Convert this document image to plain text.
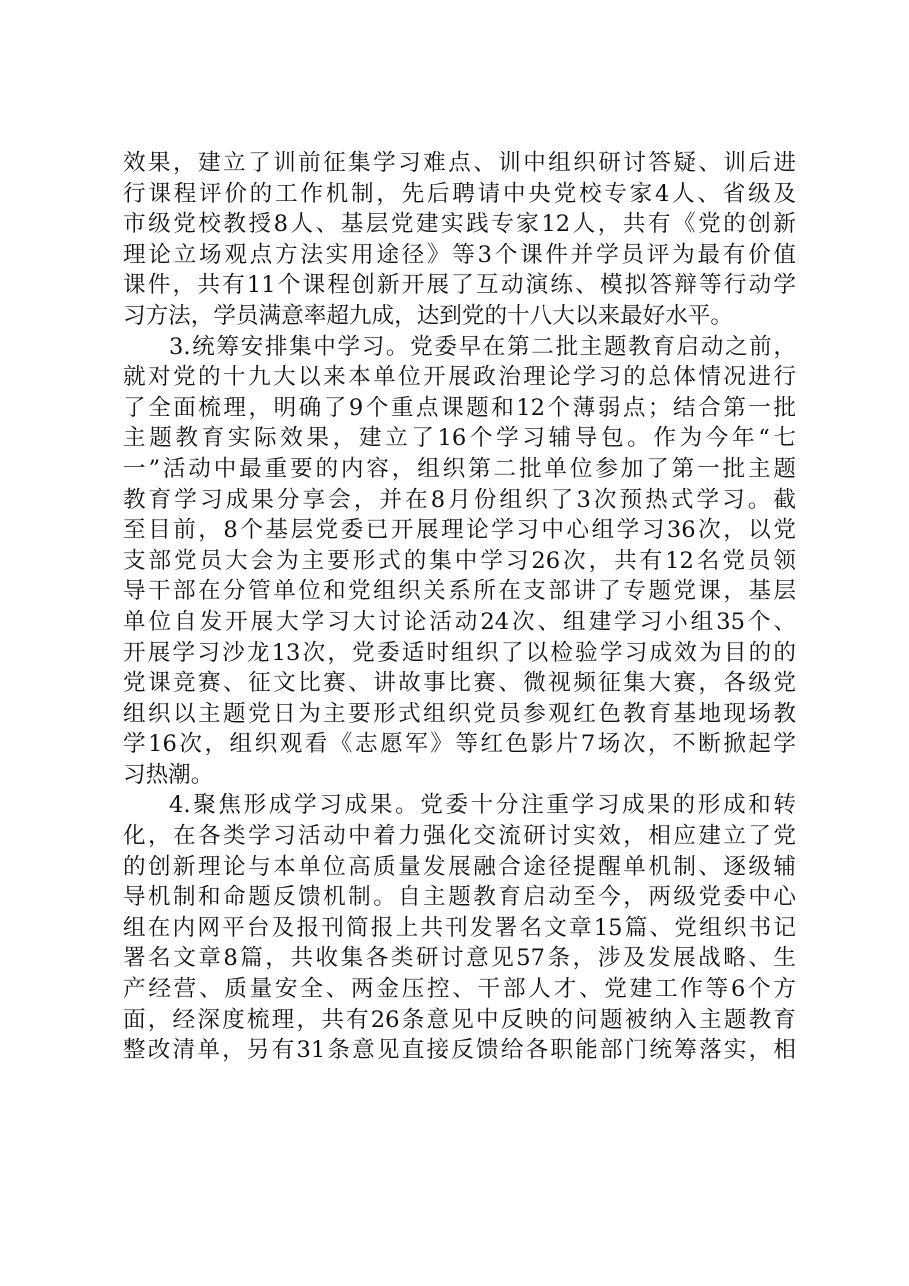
效果，建立了训前征集学习难点、训中组织研讨答疑、训后进
行课程评价的工作机制，先后聘请中央党校专家4人、省级及
市级党校教授8人、基层党建实践专家12人，共有《党的创新
理论立场观点方法实用途径》等3个课件并学员评为最有价值
课件，共有11个课程创新开展了互动演练、模拟答辩等行动学
习方法，学员满意率超九成，达到党的十八大以来最好水平。
3.统筹安排集中学习。党委早在第二批主题教育启动之前，
就对党的十九大以来本单位开展政治理论学习的总体情况进行
了全面梳理，明确了9个重点课题和12个薄弱点；结合第一批
主题教育实际效果，建立了16个学习辅导包。作为今年“七
一”活动中最重要的内容，组织第二批单位参加了第一批主题
教育学习成果分享会，并在8月份组织了3次预热式学习。截
至目前，8个基层党委已开展理论学习中心组学习36次，以党
支部党员大会为主要形式的集中学习26次，共有12名党员领
导干部在分管单位和党组织关系所在支部讲了专题党课，基层
单位自发开展大学习大讨论活动24次、组建学习小组35个、
开展学习沙龙13次，党委适时组织了以检验学习成效为目的的
党课竞赛、征文比赛、讲故事比赛、微视频征集大赛，各级党
组织以主题党日为主要形式组织党员参观红色教育基地现场教
学16次，组织观看《志愿军》等红色影片7场次，不断掀起学
习热潮。
4.聚焦形成学习成果。党委十分注重学习成果的形成和转
化，在各类学习活动中着力强化交流研讨实效，相应建立了党
的创新理论与本单位高质量发展融合途径提醒单机制、逐级辅
导机制和命题反馈机制。自主题教育启动至今，两级党委中心
组在内网平台及报刊简报上共刊发署名文章15篇、党组织书记
署名文章8篇，共收集各类研讨意见57条，涉及发展战略、生
产经营、质量安全、两金压控、干部人才、党建工作等6个方
面，经深度梳理，共有26条意见中反映的问题被纳入主题教育
整改清单，另有31条意见直接反馈给各职能部门统筹落实，相
